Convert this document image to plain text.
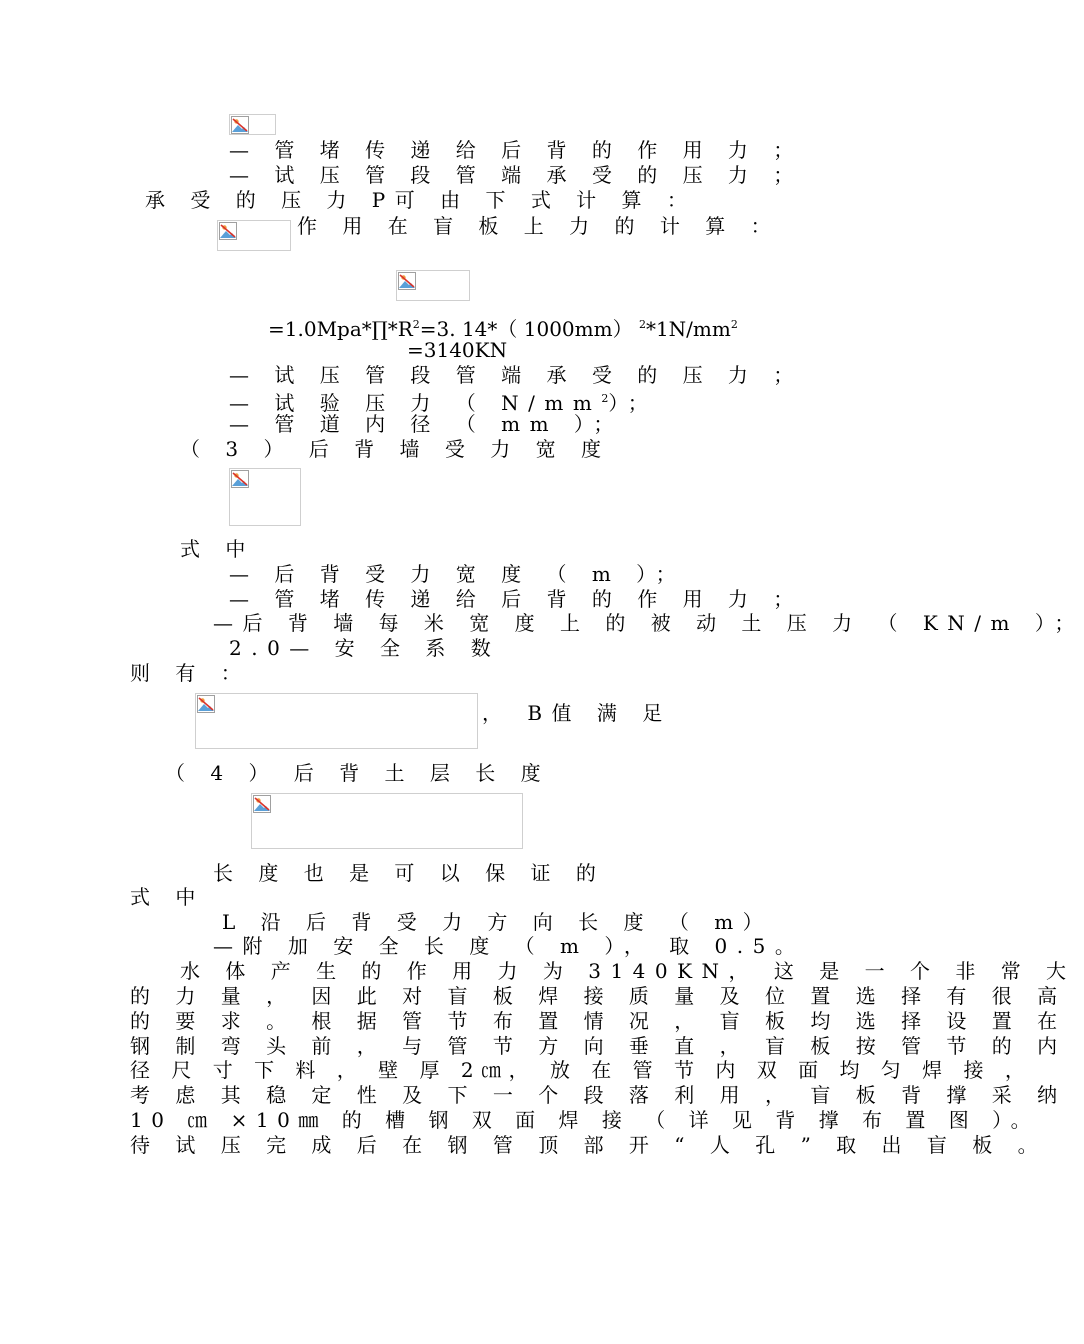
— 管 堵 传 递 给 后 背 的 作 用 力 ；
— 试 压 管 段 管 端 承 受 的 压 力 ；
承 受 的 压 力 P可 由 下 式 计 算 ：
作 用 在 盲 板 上 力 的 计 算 ：
$=1.0Mpa*\prod*R^2=3$. 14*（ 1000mm） $^2*1N/mm^2$
=3140KN
— 试 压 管 段 管 端 承 受 的 压 力 ；
— 试 验 压 力 （ $N/mm^2$）；
— 管 道 内 径 （ mm ）；
（ 3 ） 后 背 墙 受 力 宽 度
式 中
— 后 背 受 力 宽 度 （ m ）；
— 管 堵 传 递 给 后 背 的 作 用 力 ；
—后 背 墙 每 米 宽 度 上 的 被 动 土 压 力 （ KN/m ）；
2.0— 安 全 系 数
则 有 ：
， B值 满 足
（ 4 ） 后 背 土 层 长 度
长 度 也 是 可 以 保 证 的
式 中
L 沿 后 背 受 力 方 向 长 度 （ m）
—附 加 安 全 长 度 （ m ）， 取 0.5。
水 体 产 生 的 作 用 力 为 3140KN， 这 是 一 个 非 常 大
的 力 量 ， 因 此 对 盲 板 焊 接 质 量 及 位 置 选 择 有 很 高
的 要 求 。 根 据 管 节 布 置 情 况 ， 盲 板 均 选 择 设 置 在
钢 制 弯 头 前 ， 与 管 节 方 向 垂 直 ， 盲 板 按 管 节 的 内
径 尺 寸 下 料 ， 壁 厚 2㎝， 放 在 管 节 内 双 面 均 匀 焊 接 ，
考 虑 其 稳 定 性 及 下 一 个 段 落 利 用 ， 盲 板 背 撑 采 纳
10 ㎝ ×10㎜ 的 槽 钢 双 面 焊 接 （ 详 见 背 撑 布 置 图 ）。
待 试 压 完 成 后 在 钢 管 顶 部 开 “ 人 孔 ” 取 出 盲 板 。
